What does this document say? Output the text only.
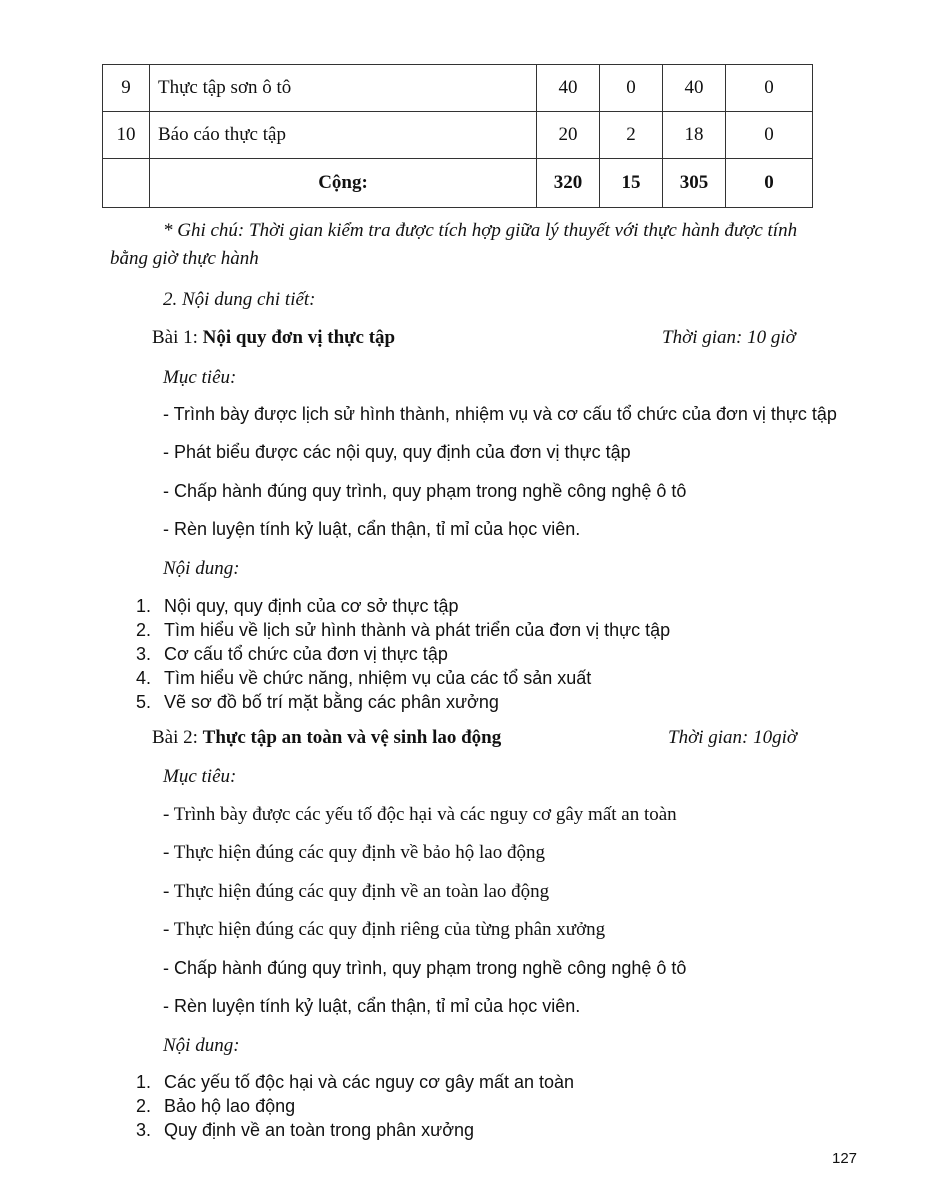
9	Thực tập sơn ô tô	40	0	40	0
10	Báo cáo thực tập	20	2	18	0
	Cộng:	320	15	305	0
* Ghi chú: Thời gian kiểm tra được tích hợp giữa lý thuyết với thực hành được tính
bằng giờ thực hành
2. Nội dung chi tiết:
Bài 1: Nội quy đơn vị thực tập	Thời gian: 10 giờ
Mục tiêu:
- Trình bày được lịch sử hình thành, nhiệm vụ và cơ cấu tổ chức của đơn vị thực tập
- Phát biểu được các nội quy, quy định của đơn vị thực tập
- Chấp hành đúng quy trình, quy phạm trong nghề công nghệ ô tô
- Rèn luyện tính kỷ luật, cẩn thận, tỉ mỉ của học viên.
Nội dung:
1. Nội quy, quy định của cơ sở thực tập
2. Tìm hiểu về lịch sử hình thành và phát triển của đơn vị thực tập
3. Cơ cấu tổ chức của đơn vị thực tập
4. Tìm hiểu về chức năng, nhiệm vụ của các tổ sản xuất
5. Vẽ sơ đồ bố trí mặt bằng các phân xưởng
Bài 2: Thực tập an toàn và vệ sinh lao động	Thời gian: 10giờ
Mục tiêu:
- Trình bày được các yếu tố độc hại và các nguy cơ gây mất an toàn
- Thực hiện đúng các quy định về bảo hộ lao động
- Thực hiện đúng các quy định về an toàn lao động
- Thực hiện đúng các quy định riêng của từng phân xưởng
- Chấp hành đúng quy trình, quy phạm trong nghề công nghệ ô tô
- Rèn luyện tính kỷ luật, cẩn thận, tỉ mỉ của học viên.
Nội dung:
1. Các yếu tố độc hại và các nguy cơ gây mất an toàn
2. Bảo hộ lao động
3. Quy định về an toàn trong phân xưởng
127
